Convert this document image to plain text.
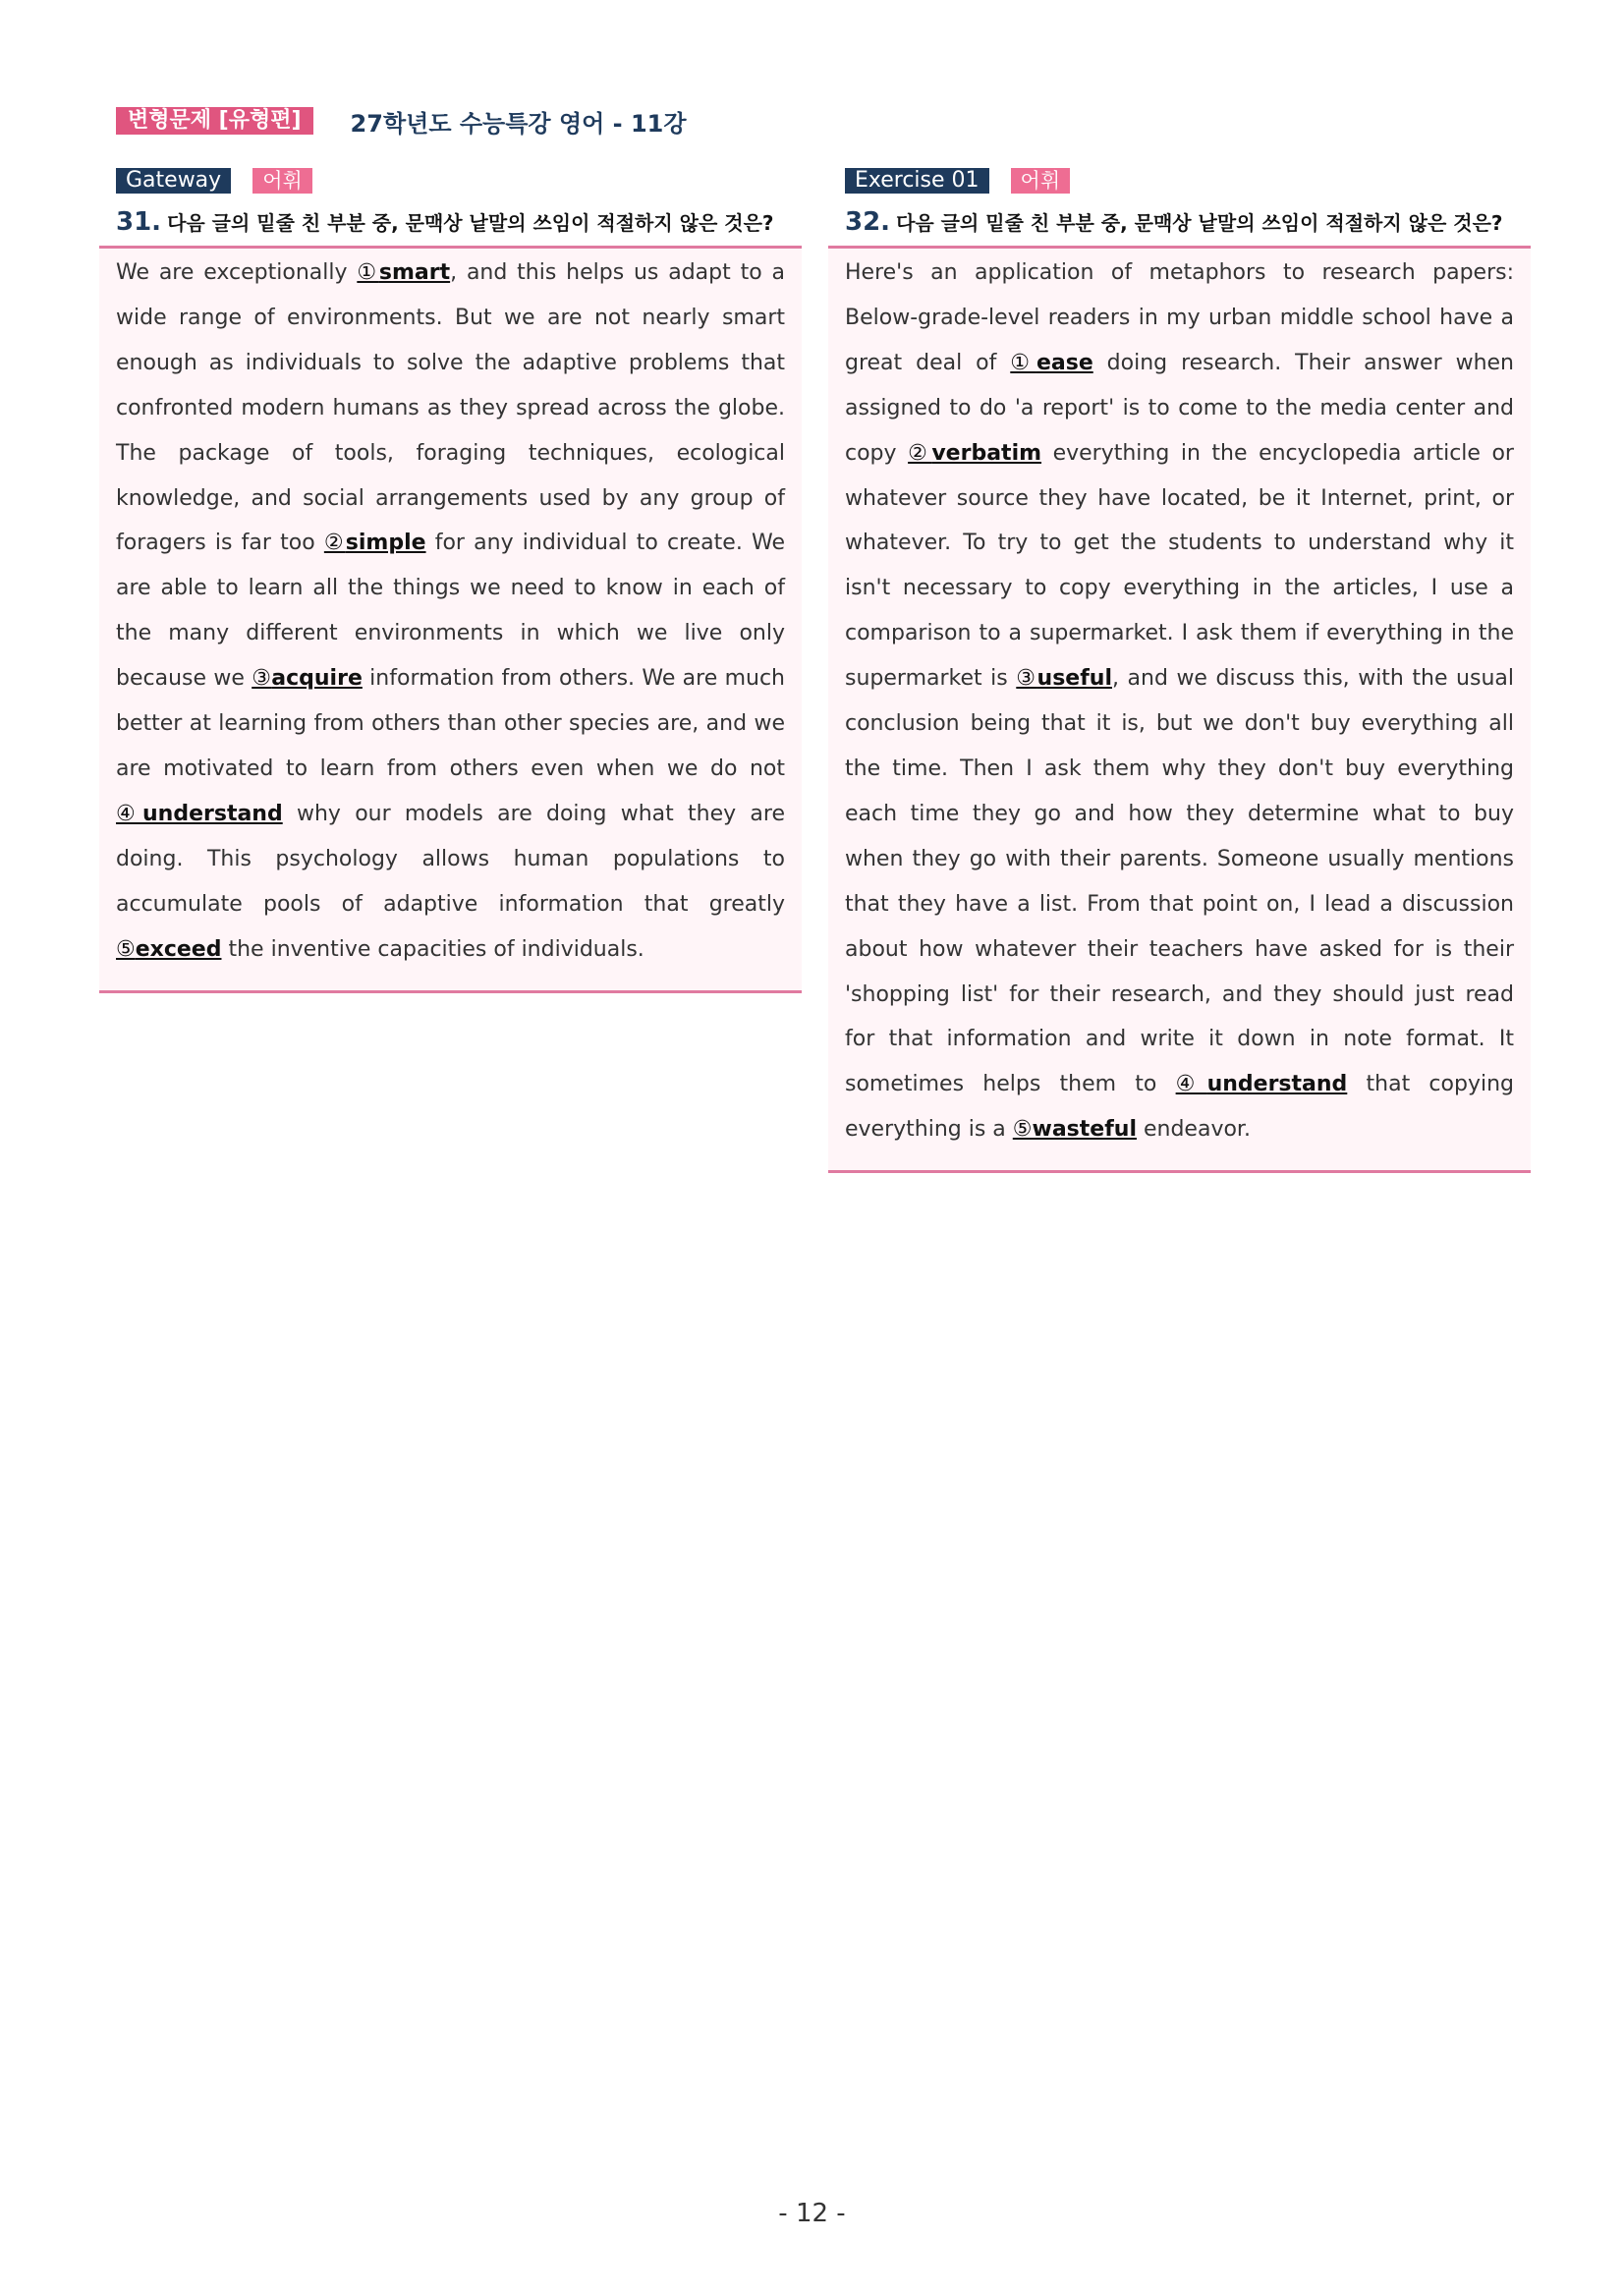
변형문제 [유형편]	27학년도 수능특강 영어 - 11강
Gateway	어휘
31. 다음 글의 밑줄 친 부분 중, 문맥상 낱말의 쓰임이 적절하지 않은 것은?

We are exceptionally ①smart, and this helps us adapt to a wide range of environments. But we are not nearly smart enough as individuals to solve the adaptive problems that confronted modern humans as they spread across the globe. The package of tools, foraging techniques, ecological knowledge, and social arrangements used by any group of foragers is far too ②simple for any individual to create. We are able to learn all the things we need to know in each of the many different environments in which we live only because we ③acquire information from others. We are much better at learning from others than other species are, and we are motivated to learn from others even when we do not ④understand why our models are doing what they are doing. This psychology allows human populations to accumulate pools of adaptive information that greatly ⑤exceed the inventive capacities of individuals.

Exercise 01	어휘
32. 다음 글의 밑줄 친 부분 중, 문맥상 낱말의 쓰임이 적절하지 않은 것은?

Here's an application of metaphors to research papers: Below-grade-level readers in my urban middle school have a great deal of ①ease doing research. Their answer when assigned to do 'a report' is to come to the media center and copy ②verbatim everything in the encyclopedia article or whatever source they have located, be it Internet, print, or whatever. To try to get the students to understand why it isn't necessary to copy everything in the articles, I use a comparison to a supermarket. I ask them if everything in the supermarket is ③useful, and we discuss this, with the usual conclusion being that it is, but we don't buy everything all the time. Then I ask them why they don't buy everything each time they go and how they determine what to buy when they go with their parents. Someone usually mentions that they have a list. From that point on, I lead a discussion about how whatever their teachers have asked for is their 'shopping list' for their research, and they should just read for that information and write it down in note format. It sometimes helps them to ④understand that copying everything is a ⑤wasteful endeavor.

- 12 -
